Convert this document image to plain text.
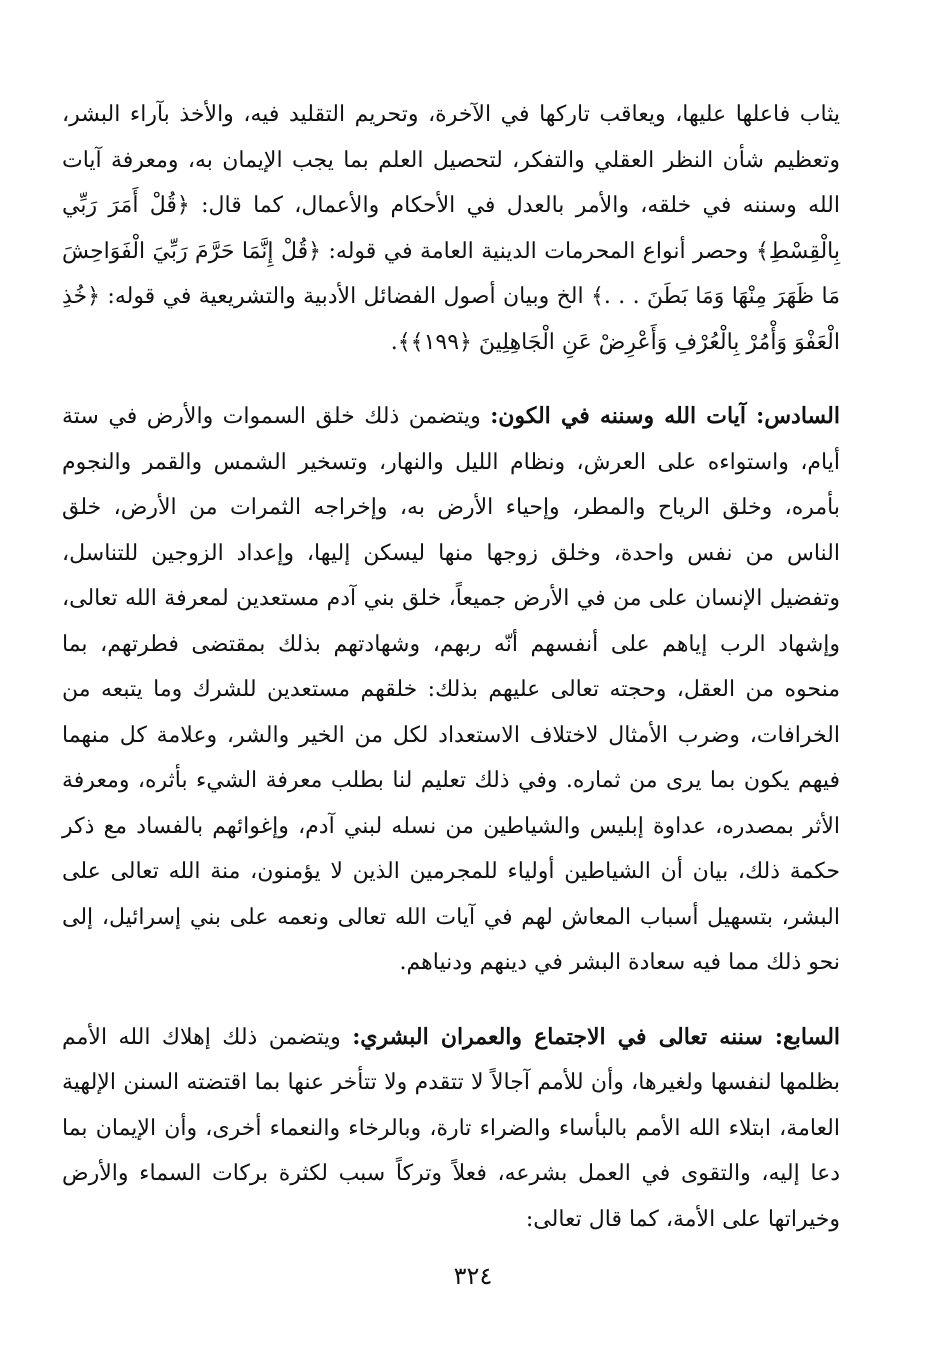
يثاب فاعلها عليها، ويعاقب تاركها في الآخرة، وتحريم التقليد فيه، والأخذ بآراء البشر، وتعظيم شأن النظر العقلي والتفكر، لتحصيل العلم بما يجب الإيمان به، ومعرفة آيات الله وسننه في خلقه، والأمر بالعدل في الأحكام والأعمال، كما قال: ﴿قُلْ أَمَرَ رَبِّي بِالْقِسْطِ﴾ وحصر أنواع المحرمات الدينية العامة في قوله: ﴿قُلْ إِنَّمَا حَرَّمَ رَبِّيَ الْفَوَاحِشَ مَا ظَهَرَ مِنْهَا وَمَا بَطَنَ . . .﴾ الخ وبيان أصول الفضائل الأدبية والتشريعية في قوله: ﴿خُذِ الْعَفْوَ وَأْمُرْ بِالْعُرْفِ وَأَعْرِضْ عَنِ الْجَاهِلِينَ ﴿١٩٩﴾﴾.

السادس: آيات الله وسننه في الكون: ويتضمن ذلك خلق السموات والأرض في ستة أيام، واستواءه على العرش، ونظام الليل والنهار، وتسخير الشمس والقمر والنجوم بأمره، وخلق الرياح والمطر، وإحياء الأرض به، وإخراجه الثمرات من الأرض، خلق الناس من نفس واحدة، وخلق زوجها منها ليسكن إليها، وإعداد الزوجين للتناسل، وتفضيل الإنسان على من في الأرض جميعاً، خلق بني آدم مستعدين لمعرفة الله تعالى، وإشهاد الرب إياهم على أنفسهم أنّه ربهم، وشهادتهم بذلك بمقتضى فطرتهم، بما منحوه من العقل، وحجته تعالى عليهم بذلك: خلقهم مستعدين للشرك وما يتبعه من الخرافات، وضرب الأمثال لاختلاف الاستعداد لكل من الخير والشر، وعلامة كل منهما فيهم يكون بما يرى من ثماره. وفي ذلك تعليم لنا بطلب معرفة الشيء بأثره، ومعرفة الأثر بمصدره، عداوة إبليس والشياطين من نسله لبني آدم، وإغوائهم بالفساد مع ذكر حكمة ذلك، بيان أن الشياطين أولياء للمجرمين الذين لا يؤمنون، منة الله تعالى على البشر، بتسهيل أسباب المعاش لهم في آيات الله تعالى ونعمه على بني إسرائيل، إلى نحو ذلك مما فيه سعادة البشر في دينهم ودنياهم.

السابع: سننه تعالى في الاجتماع والعمران البشري: ويتضمن ذلك إهلاك الله الأمم بظلمها لنفسها ولغيرها، وأن للأمم آجالاً لا تتقدم ولا تتأخر عنها بما اقتضته السنن الإلهية العامة، ابتلاء الله الأمم بالبأساء والضراء تارة، وبالرخاء والنعماء أخرى، وأن الإيمان بما دعا إليه، والتقوى في العمل بشرعه، فعلاً وتركاً سبب لكثرة بركات السماء والأرض وخيراتها على الأمة، كما قال تعالى:

٣٢٤
